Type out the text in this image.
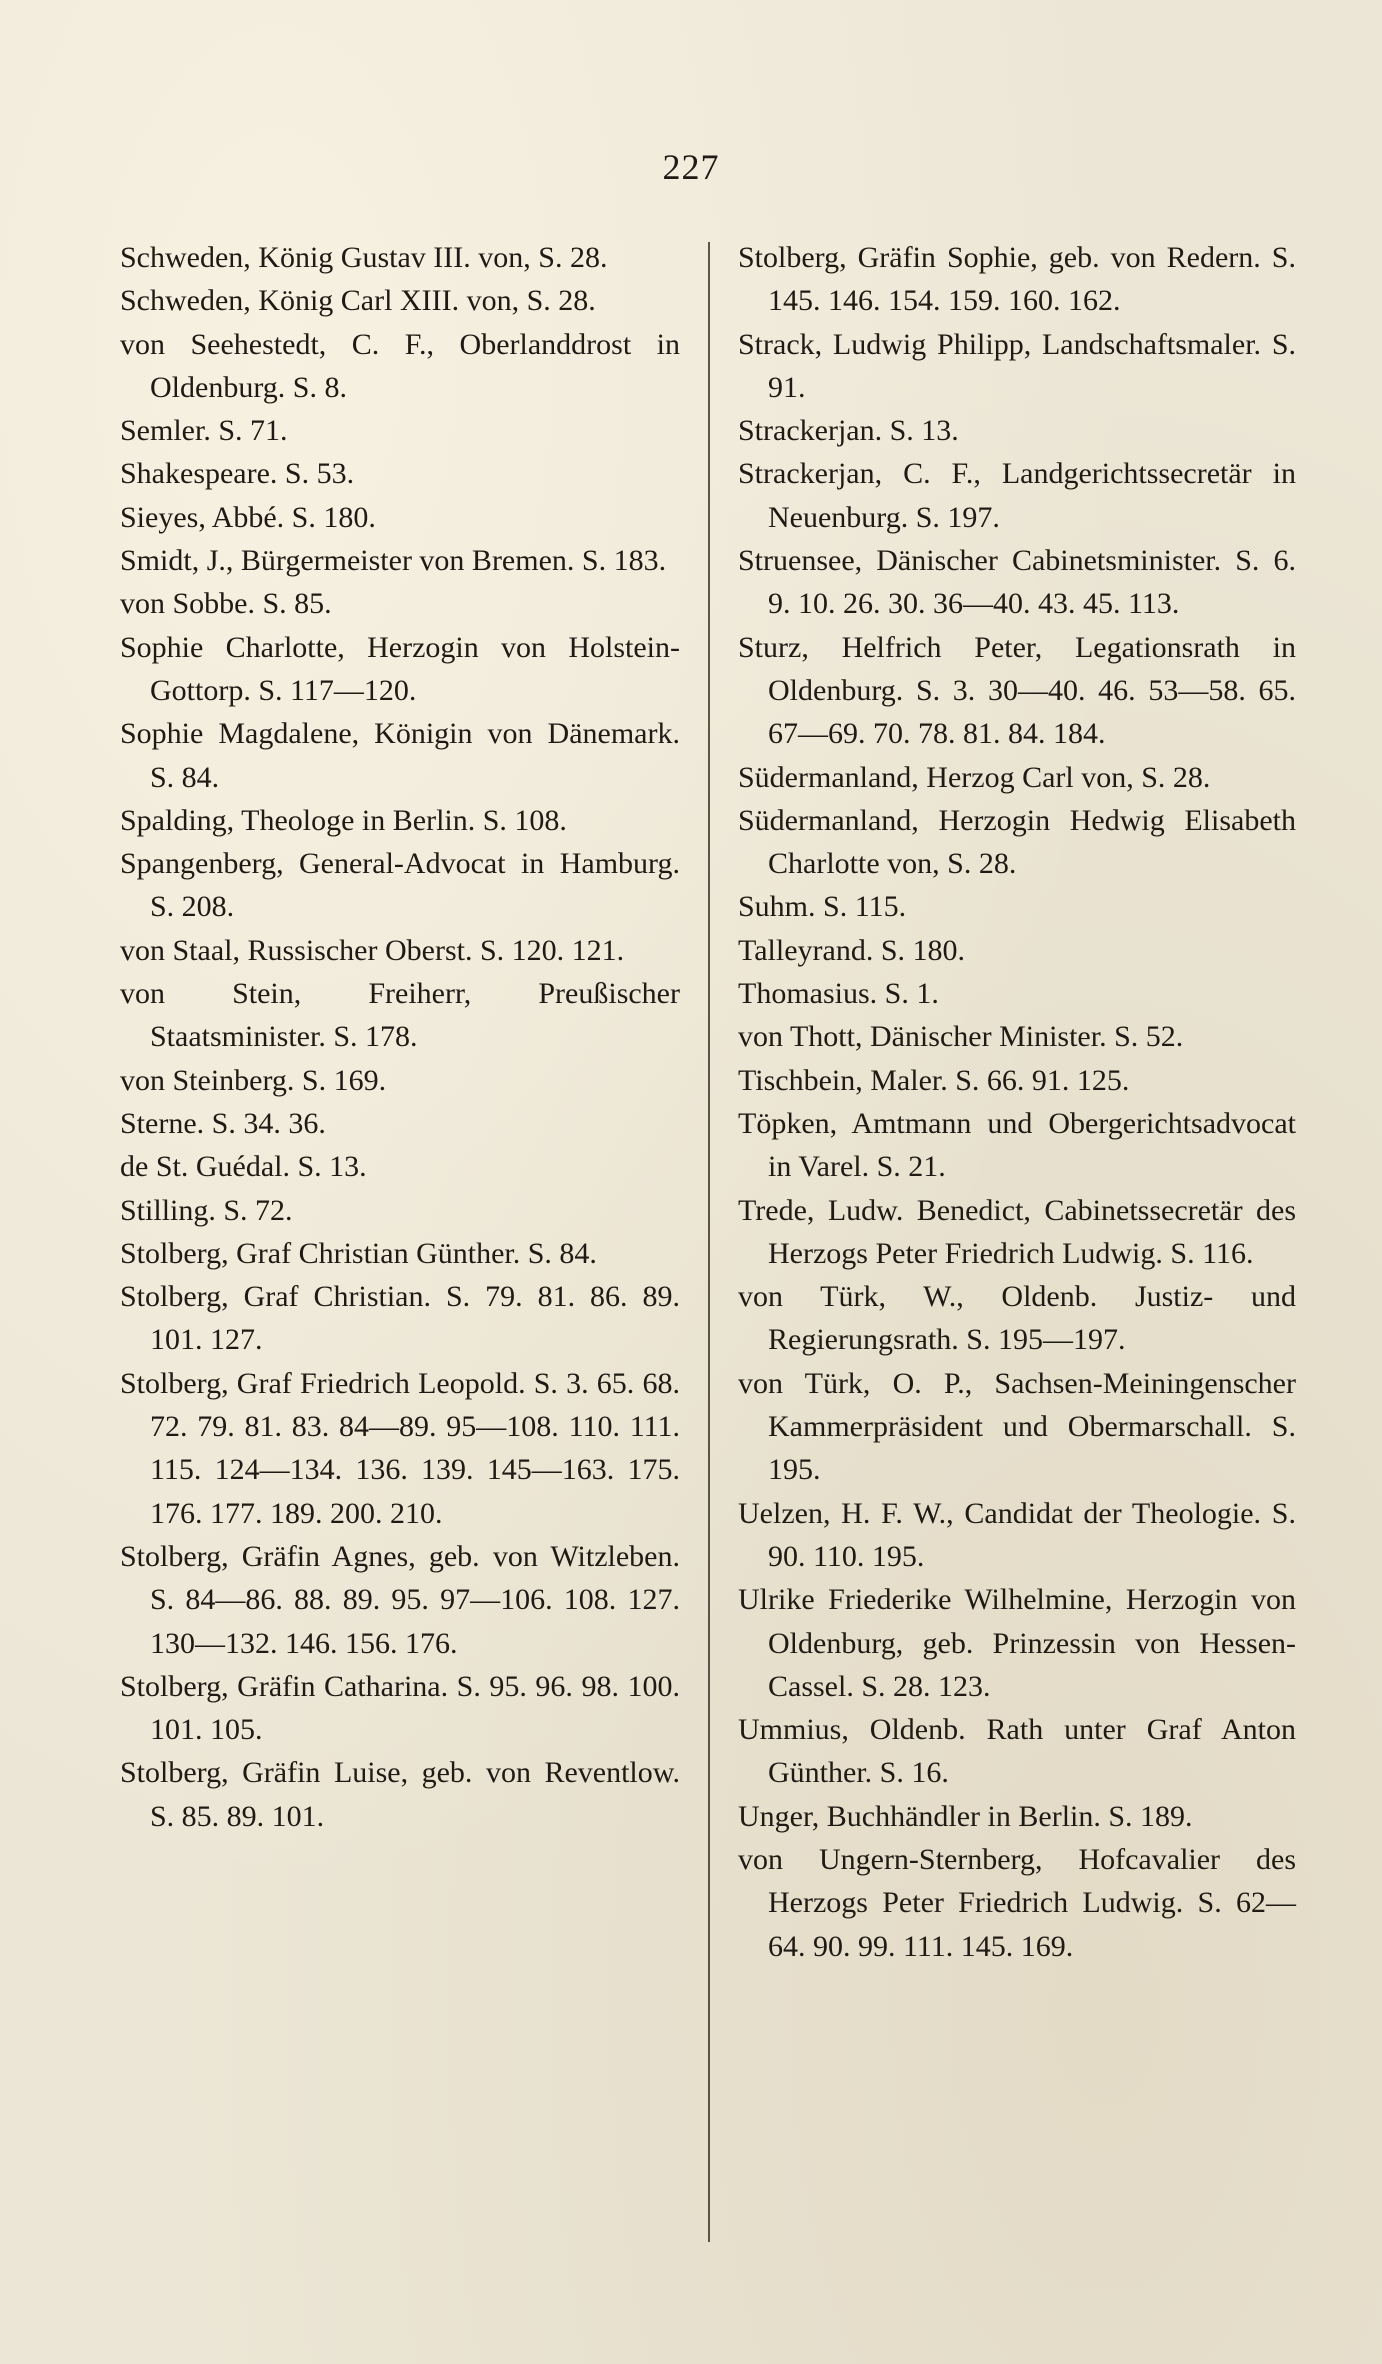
227

Schweden, König Gustav III. von, S. 28.

Schweden, König Carl XIII. von, S. 28.

von Seehestedt, C. F., Oberlanddrost in Oldenburg. S. 8.

Semler. S. 71.

Shakespeare. S. 53.

Sieyes, Abbé. S. 180.

Smidt, J., Bürgermeister von Bremen. S. 183.

von Sobbe. S. 85.

Sophie Charlotte, Herzogin von Holstein-Gottorp. S. 117—120.

Sophie Magdalene, Königin von Dänemark. S. 84.

Spalding, Theologe in Berlin. S. 108.

Spangenberg, General-Advocat in Hamburg. S. 208.

von Staal, Russischer Oberst. S. 120. 121.

von Stein, Freiherr, Preußischer Staatsminister. S. 178.

von Steinberg. S. 169.

Sterne. S. 34. 36.

de St. Guédal. S. 13.

Stilling. S. 72.

Stolberg, Graf Christian Günther. S. 84.

Stolberg, Graf Christian. S. 79. 81. 86. 89. 101. 127.

Stolberg, Graf Friedrich Leopold. S. 3. 65. 68. 72. 79. 81. 83. 84—89. 95—108. 110. 111. 115. 124—134. 136. 139. 145—163. 175. 176. 177. 189. 200. 210.

Stolberg, Gräfin Agnes, geb. von Witzleben. S. 84—86. 88. 89. 95. 97—106. 108. 127. 130—132. 146. 156. 176.

Stolberg, Gräfin Catharina. S. 95. 96. 98. 100. 101. 105.

Stolberg, Gräfin Luise, geb. von Reventlow. S. 85. 89. 101.

Stolberg, Gräfin Sophie, geb. von Redern. S. 145. 146. 154. 159. 160. 162.

Strack, Ludwig Philipp, Landschaftsmaler. S. 91.

Strackerjan. S. 13.

Strackerjan, C. F., Landgerichtssecretär in Neuenburg. S. 197.

Struensee, Dänischer Cabinetsminister. S. 6. 9. 10. 26. 30. 36—40. 43. 45. 113.

Sturz, Helfrich Peter, Legationsrath in Oldenburg. S. 3. 30—40. 46. 53—58. 65. 67—69. 70. 78. 81. 84. 184.

Südermanland, Herzog Carl von, S. 28.

Südermanland, Herzogin Hedwig Elisabeth Charlotte von, S. 28.

Suhm. S. 115.

Talleyrand. S. 180.

Thomasius. S. 1.

von Thott, Dänischer Minister. S. 52.

Tischbein, Maler. S. 66. 91. 125.

Töpken, Amtmann und Obergerichtsadvocat in Varel. S. 21.

Trede, Ludw. Benedict, Cabinetssecretär des Herzogs Peter Friedrich Ludwig. S. 116.

von Türk, W., Oldenb. Justiz- und Regierungsrath. S. 195—197.

von Türk, O. P., Sachsen-Meiningenscher Kammerpräsident und Obermarschall. S. 195.

Uelzen, H. F. W., Candidat der Theologie. S. 90. 110. 195.

Ulrike Friederike Wilhelmine, Herzogin von Oldenburg, geb. Prinzessin von Hessen-Cassel. S. 28. 123.

Ummius, Oldenb. Rath unter Graf Anton Günther. S. 16.

Unger, Buchhändler in Berlin. S. 189.

von Ungern-Sternberg, Hofcavalier des Herzogs Peter Friedrich Ludwig. S. 62—64. 90. 99. 111. 145. 169.
